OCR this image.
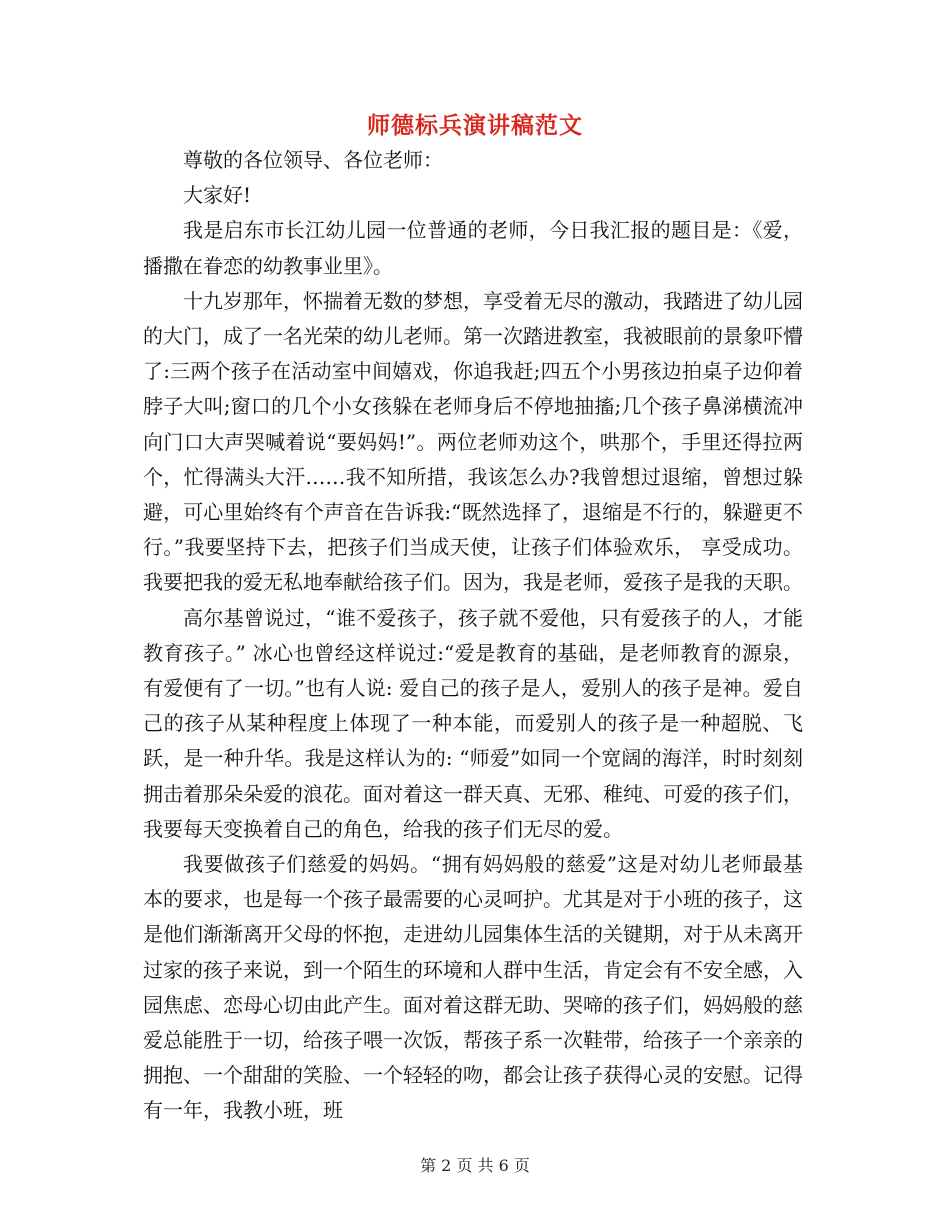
师德标兵演讲稿范文

尊敬的各位领导、各位老师：

大家好!

我是启东市长江幼儿园一位普通的老师，今日我汇报的题目是：《爱，播撒在眷恋的幼教事业里》。

十九岁那年，怀揣着无数的梦想，享受着无尽的激动，我踏进了幼儿园的大门，成了一名光荣的幼儿老师。第一次踏进教室，我被眼前的景象吓懵了:三两个孩子在活动室中间嬉戏，你追我赶;四五个小男孩边拍桌子边仰着脖子大叫;窗口的几个小女孩躲在老师身后不停地抽搐;几个孩子鼻涕横流冲向门口大声哭喊着说“要妈妈!”。两位老师劝这个，哄那个，手里还得拉两个，忙得满头大汗……我不知所措，我该怎么办?我曾想过退缩，曾想过躲避，可心里始终有个声音在告诉我:“既然选择了，退缩是不行的，躲避更不行。”我要坚持下去，把孩子们当成天使，让孩子们体验欢乐， 享受成功。我要把我的爱无私地奉献给孩子们。因为，我是老师，爱孩子是我的天职。

高尔基曾说过，“谁不爱孩子，孩子就不爱他，只有爱孩子的人，才能教育孩子。” 冰心也曾经这样说过:“爱是教育的基础，是老师教育的源泉，有爱便有了一切。”也有人说: 爱自己的孩子是人，爱别人的孩子是神。爱自己的孩子从某种程度上体现了一种本能，而爱别人的孩子是一种超脱、飞跃，是一种升华。我是这样认为的: “师爱”如同一个宽阔的海洋，时时刻刻拥击着那朵朵爱的浪花。面对着这一群天真、无邪、稚纯、可爱的孩子们，我要每天变换着自己的角色，给我的孩子们无尽的爱。

我要做孩子们慈爱的妈妈。“拥有妈妈般的慈爱”这是对幼儿老师最基本的要求，也是每一个孩子最需要的心灵呵护。尤其是对于小班的孩子，这是他们渐渐离开父母的怀抱，走进幼儿园集体生活的关键期，对于从未离开过家的孩子来说，到一个陌生的环境和人群中生活，肯定会有不安全感，入园焦虑、恋母心切由此产生。面对着这群无助、哭啼的孩子们，妈妈般的慈爱总能胜于一切，给孩子喂一次饭，帮孩子系一次鞋带，给孩子一个亲亲的拥抱、一个甜甜的笑脸、一个轻轻的吻，都会让孩子获得心灵的安慰。记得有一年，我教小班，班

第 2 页 共 6 页
